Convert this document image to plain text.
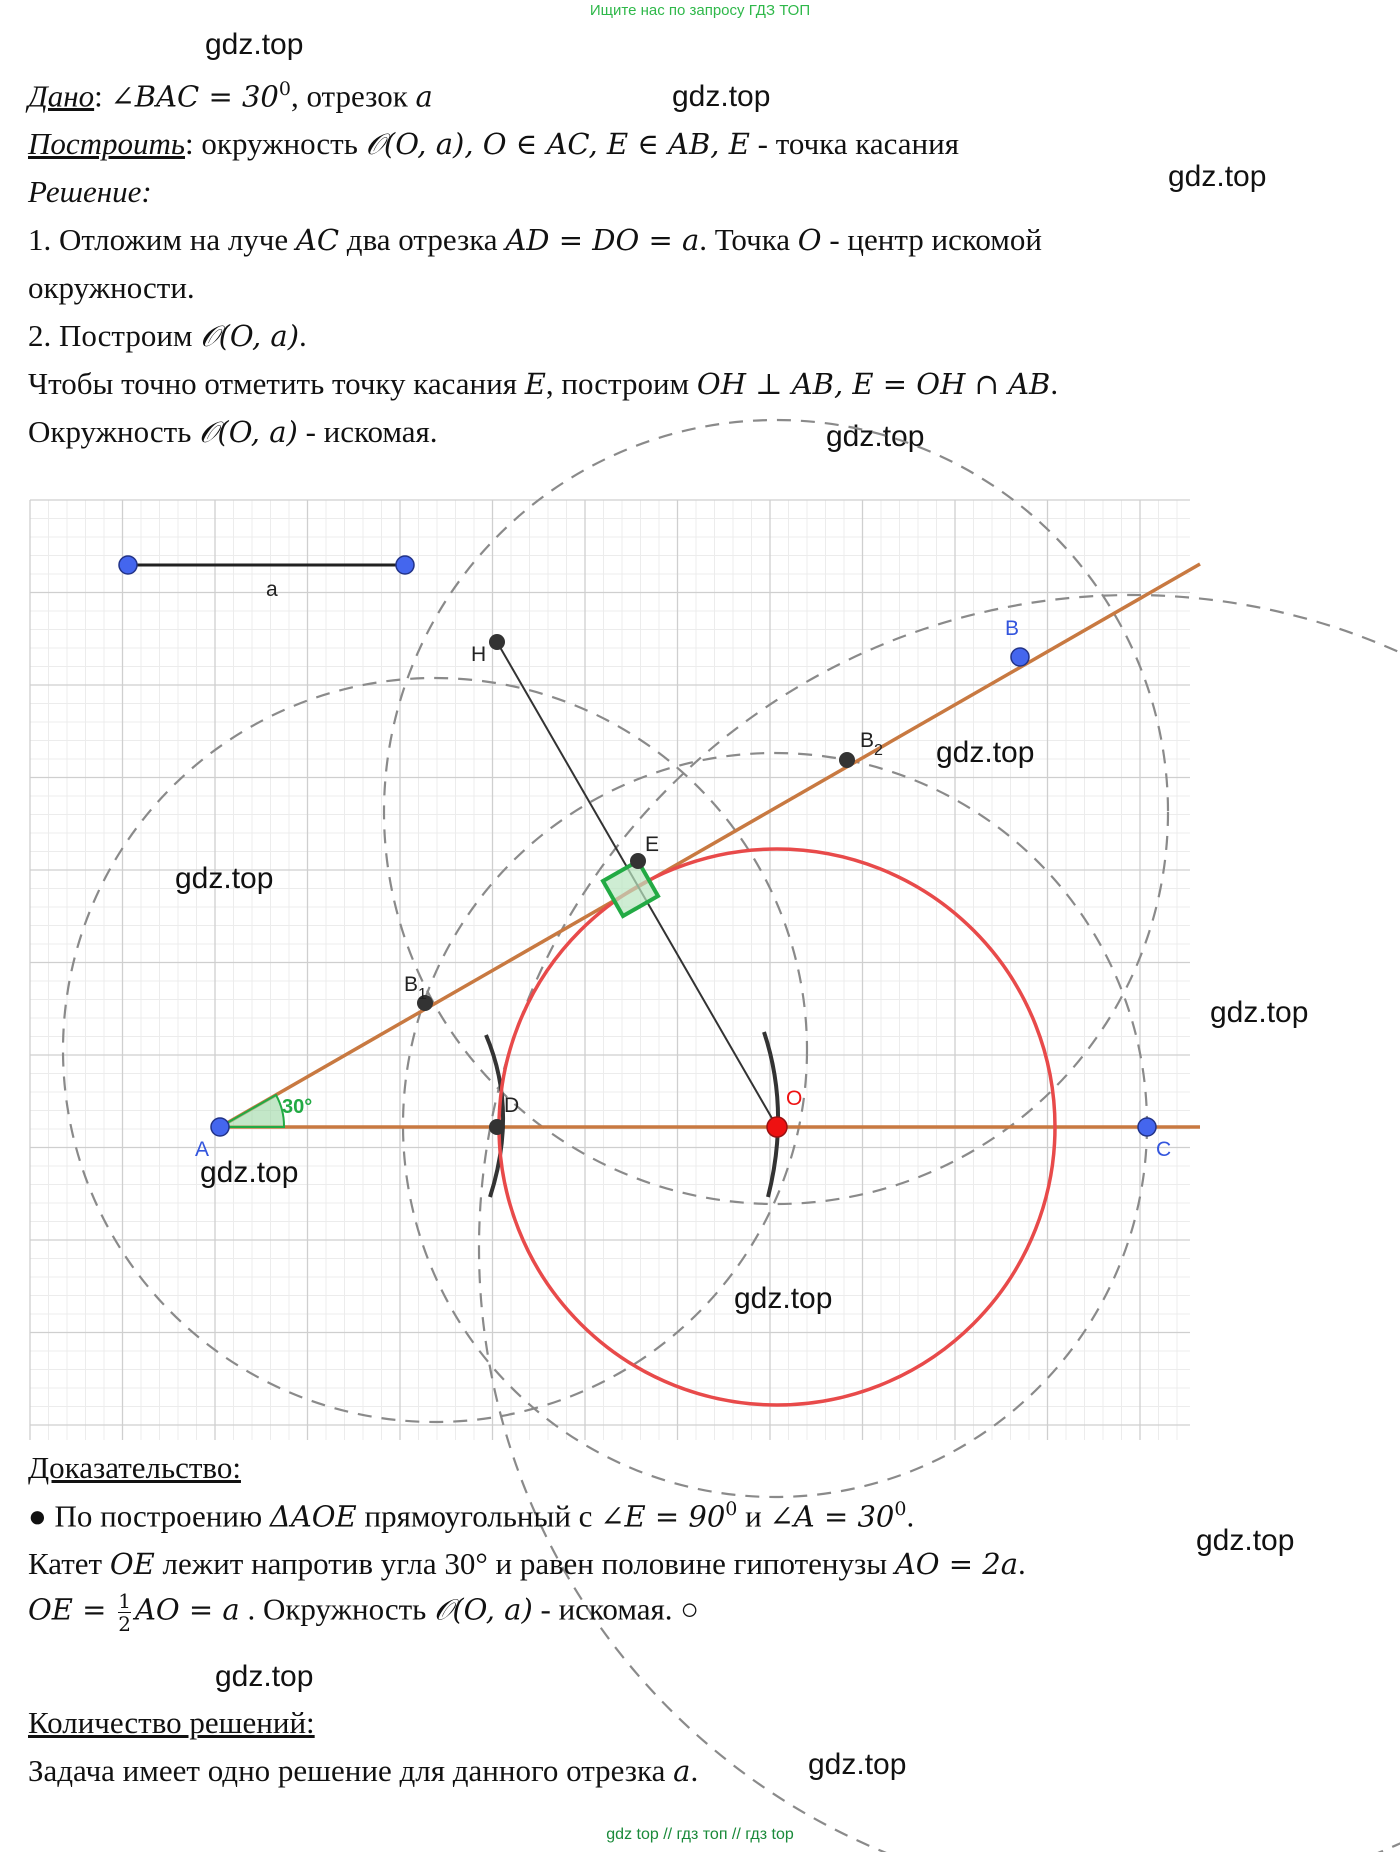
Ищите нас по запросу ГДЗ ТОП
gdz.top
gdz.top
gdz.top
gdz.top
Дано: ∠BAC = $30^0$, отрезок a
Построить: окружность 𝒪(O, a), O ∈ AC, E ∈ AB, E - точка касания
Решение:
1. Отложим на луче AC два отрезка AD = DO = a. Точка O - центр искомой
окружности.
2. Построим 𝒪(O, a).
Чтобы точно отметить точку касания E, построим OH ⊥ AB, E = OH ∩ AB.
Окружность 𝒪(O, a) - искомая.
a
H
B
$B_2$
E
$B_1$
A
D	O
C
30°
gdz.top
gdz.top
gdz.top
gdz.top
gdz.top
Доказательство:
● По построению ΔAOE прямоугольный с ∠E = $90^0$ и ∠A = $30^0$.
gdz.top
Катет OE лежит напротив угла 30° и равен половине гипотенузы AO = 2a.
OE = $\frac{1}{2}$ AO = a . Окружность 𝒪(O, a) - искомая. ○
gdz.top
Количество решений:
Задача имеет одно решение для данного отрезка a.	gdz.top
gdz top // гдз топ // гдз top
